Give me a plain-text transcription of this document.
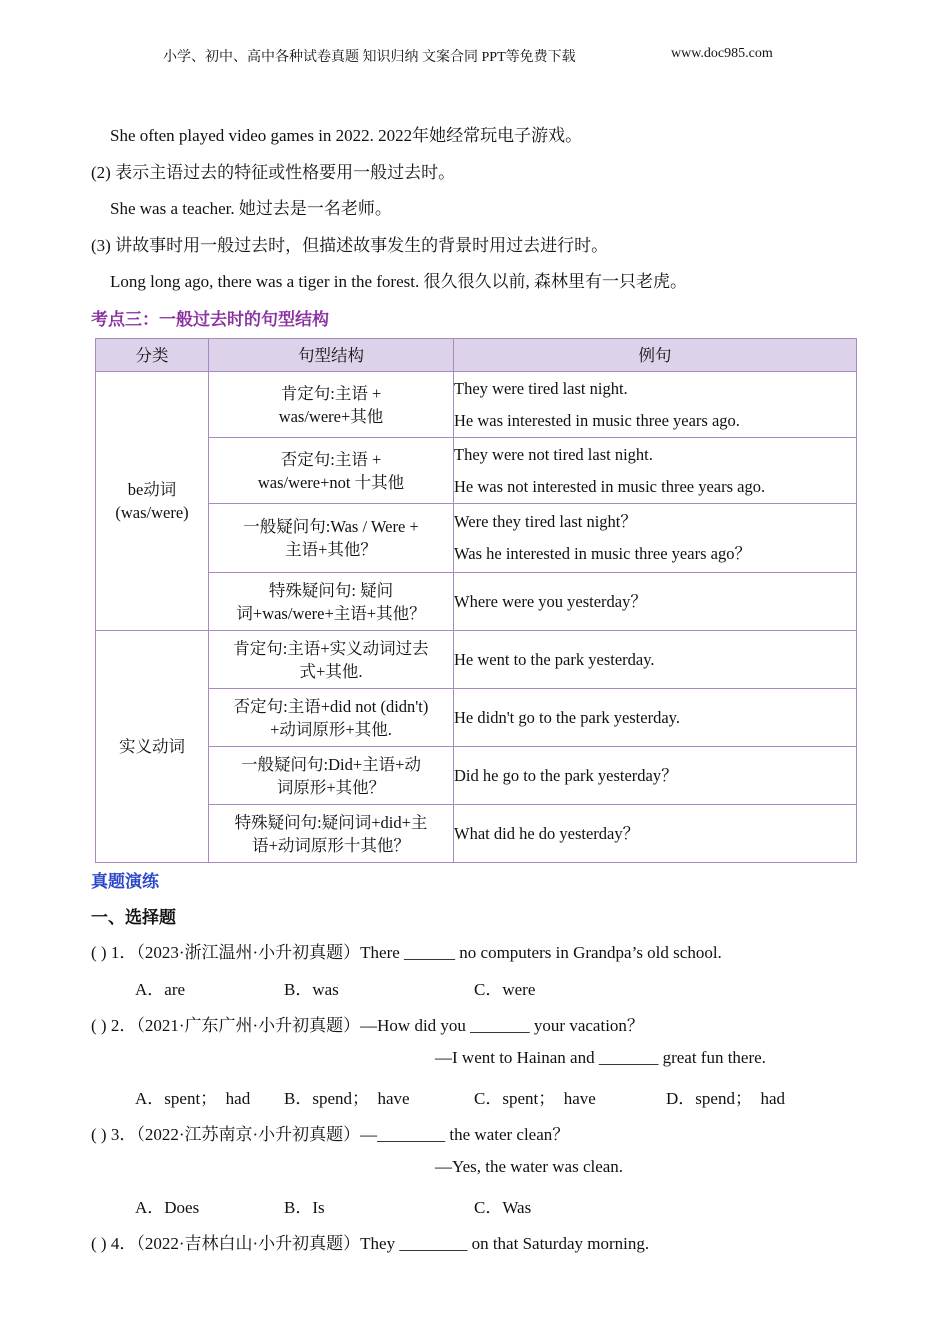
小学、初中、高中各种试卷真题 知识归纳 文案合同 PPT等免费下载	www.doc985.com
She often played video games in 2022. 2022年她经常玩电子游戏。
(2) 表示主语过去的特征或性格要用一般过去时。
She was a teacher. 她过去是一名老师。
(3) 讲故事时用一般过去时，但描述故事发生的背景时用过去进行时。
Long long ago, there was a tiger in the forest. 很久很久以前, 森林里有一只老虎。
考点三：一般过去时的句型结构
分类	句型结构	例句
be动词
(was/were)	肯定句:主语 +
was/were+其他	They were tired last night.
He was interested in music three years ago.

	否定句:主语 +
was/were+not 十其他	They were not tired last night.
He was not interested in music three years ago.

	一般疑问句:Was / Were +
主语+其他？	Were they tired last night？
Was he interested in music three years ago？

	特殊疑问句: 疑问
词+was/were+主语+其他？	Where were you yesterday？
实义动词	肯定句:主语+实义动词过去
式+其他.	He went to the park yesterday.
	否定句:主语+did not (didn't)
+动词原形+其他.	He didn't go to the park yesterday.
	一般疑问句:Did+主语+动
词原形+其他？	Did he go to the park yesterday？
	特殊疑问句:疑问词+did+主
语+动词原形十其他？	What did he do yesterday？
真题演练
一、选择题
( ) 1．（2023·浙江温州·小升初真题）There ______ no computers in Grandpa’s old school.
A．are	B．was	C．were
( ) 2．（2021·广东广州·小升初真题）—How did you _______ your vacation？
—I went to Hainan and _______ great fun there.
A．spent；  had B．spend；  have	C．spent；  have	D．spend；  had
( ) 3．（2022·江苏南京·小升初真题）—________ the water clean？
—Yes, the water was clean.
A．Does	B．Is	C．Was
( ) 4．（2022·吉林白山·小升初真题）They ________ on that Saturday morning.
